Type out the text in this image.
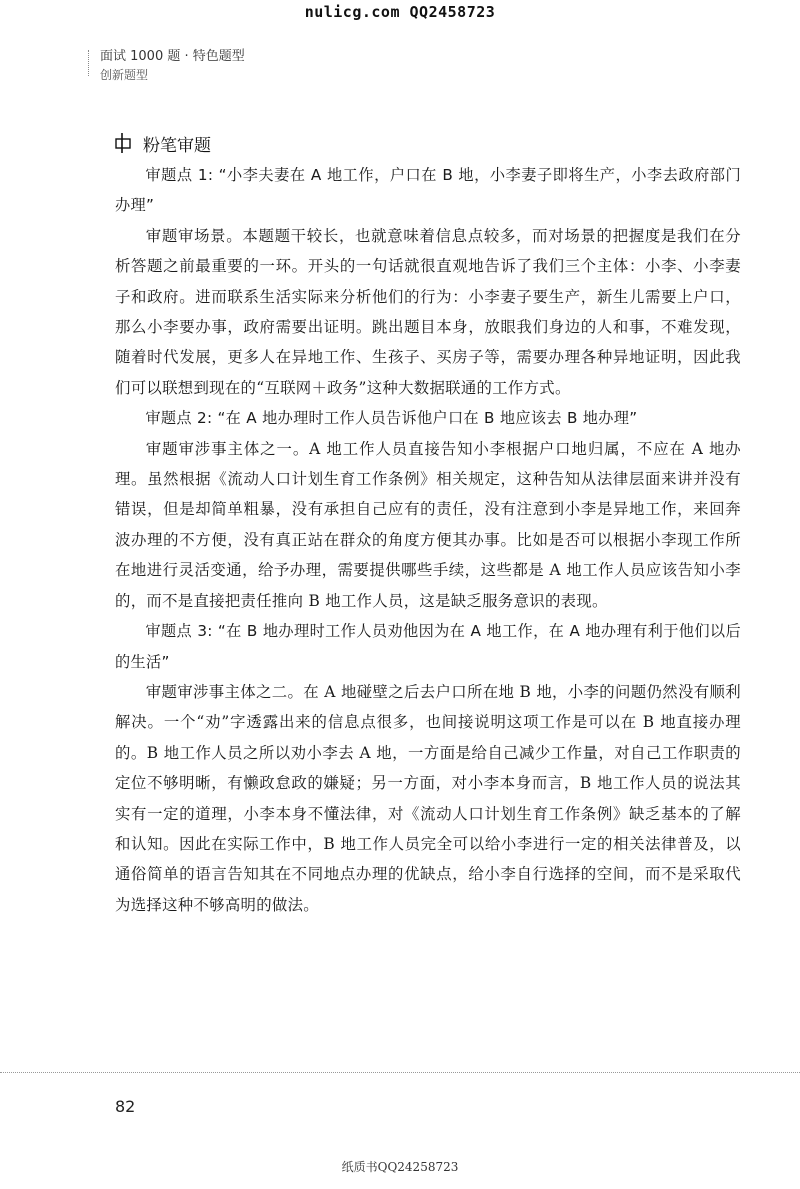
nulicg.com QQ2458723
面试 1000 题 · 特色题型
创新题型
粉笔审题

审题点 1: “小李夫妻在 A 地工作，户口在 B 地，小李妻子即将生产，小李去政府部门办理”

审题审场景。本题题干较长，也就意味着信息点较多，而对场景的把握度是我们在分析答题之前最重要的一环。开头的一句话就很直观地告诉了我们三个主体：小李、小李妻子和政府。进而联系生活实际来分析他们的行为：小李妻子要生产，新生儿需要上户口，那么小李要办事，政府需要出证明。跳出题目本身，放眼我们身边的人和事，不难发现，随着时代发展，更多人在异地工作、生孩子、买房子等，需要办理各种异地证明，因此我们可以联想到现在的“互联网＋政务”这种大数据联通的工作方式。

审题点 2: “在 A 地办理时工作人员告诉他户口在 B 地应该去 B 地办理”

审题审涉事主体之一。A 地工作人员直接告知小李根据户口地归属，不应在 A 地办理。虽然根据《流动人口计划生育工作条例》相关规定，这种告知从法律层面来讲并没有错误，但是却简单粗暴，没有承担自己应有的责任，没有注意到小李是异地工作，来回奔波办理的不方便，没有真正站在群众的角度方便其办事。比如是否可以根据小李现工作所在地进行灵活变通，给予办理，需要提供哪些手续，这些都是 A 地工作人员应该告知小李的，而不是直接把责任推向 B 地工作人员，这是缺乏服务意识的表现。

审题点 3: “在 B 地办理时工作人员劝他因为在 A 地工作，在 A 地办理有利于他们以后的生活”

审题审涉事主体之二。在 A 地碰壁之后去户口所在地 B 地，小李的问题仍然没有顺利解决。一个“劝”字透露出来的信息点很多，也间接说明这项工作是可以在 B 地直接办理的。B 地工作人员之所以劝小李去 A 地，一方面是给自己减少工作量，对自己工作职责的定位不够明晰，有懒政怠政的嫌疑；另一方面，对小李本身而言，B 地工作人员的说法其实有一定的道理，小李本身不懂法律，对《流动人口计划生育工作条例》缺乏基本的了解和认知。因此在实际工作中，B 地工作人员完全可以给小李进行一定的相关法律普及，以通俗简单的语言告知其在不同地点办理的优缺点，给小李自行选择的空间，而不是采取代为选择这种不够高明的做法。

82
纸质书QQ24258723
